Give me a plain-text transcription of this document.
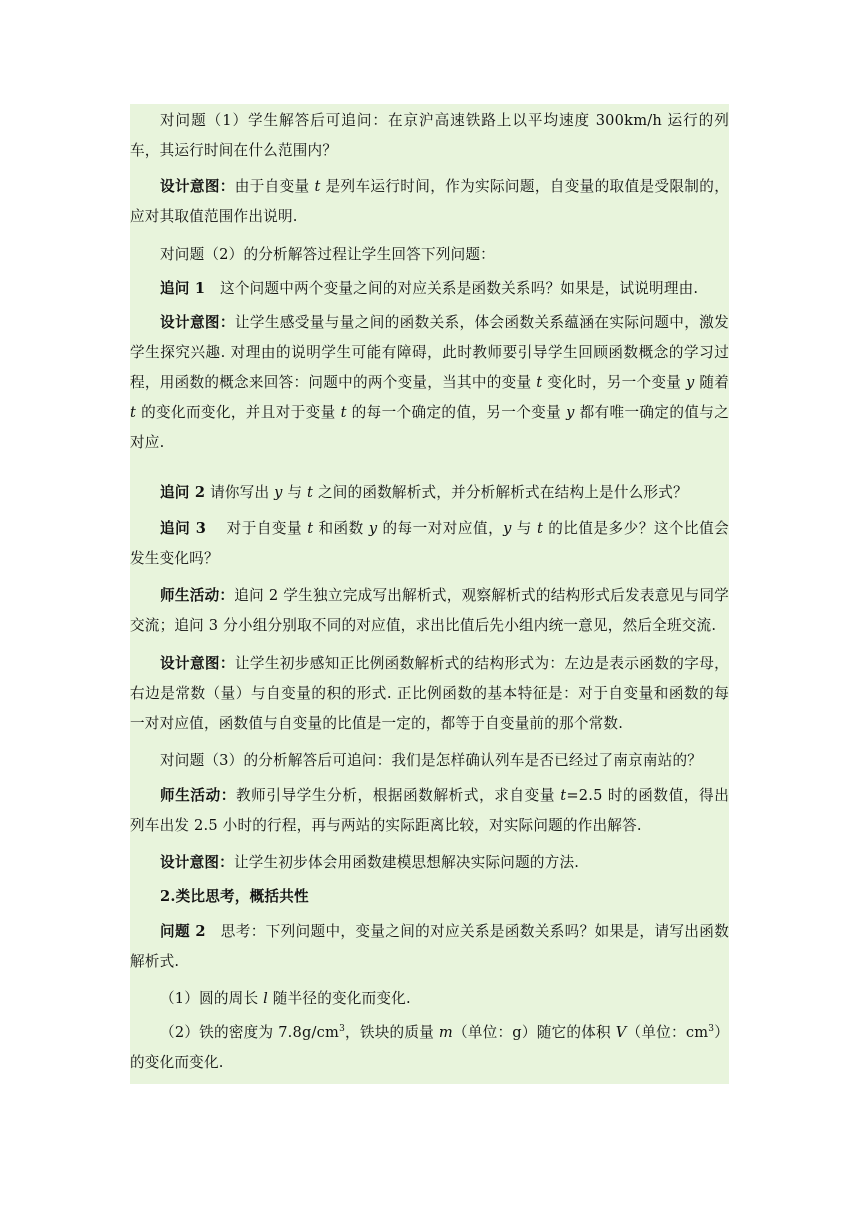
对问题（1）学生解答后可追问：在京沪高速铁路上以平均速度 300km/h 运行的列车，其运行时间在什么范围内？

设计意图：由于自变量 t 是列车运行时间，作为实际问题，自变量的取值是受限制的，应对其取值范围作出说明.

对问题（2）的分析解答过程让学生回答下列问题：

追问 1　这个问题中两个变量之间的对应关系是函数关系吗？如果是，试说明理由.

设计意图：让学生感受量与量之间的函数关系，体会函数关系蕴涵在实际问题中，激发学生探究兴趣. 对理由的说明学生可能有障碍，此时教师要引导学生回顾函数概念的学习过程，用函数的概念来回答：问题中的两个变量，当其中的变量 t 变化时，另一个变量 y 随着 t 的变化而变化，并且对于变量 t 的每一个确定的值，另一个变量 y 都有唯一确定的值与之对应.

追问 2 请你写出 y 与 t 之间的函数解析式，并分析解析式在结构上是什么形式？

追问 3　 对于自变量 t 和函数 y 的每一对对应值，y 与 t 的比值是多少？这个比值会发生变化吗？

师生活动：追问 2 学生独立完成写出解析式，观察解析式的结构形式后发表意见与同学交流；追问 3 分小组分别取不同的对应值，求出比值后先小组内统一意见，然后全班交流.

设计意图：让学生初步感知正比例函数解析式的结构形式为：左边是表示函数的字母，右边是常数（量）与自变量的积的形式. 正比例函数的基本特征是：对于自变量和函数的每一对对应值，函数值与自变量的比值是一定的，都等于自变量前的那个常数.

对问题（3）的分析解答后可追问：我们是怎样确认列车是否已经过了南京南站的？

师生活动：教师引导学生分析，根据函数解析式，求自变量 t=2.5 时的函数值，得出列车出发 2.5 小时的行程，再与两站的实际距离比较，对实际问题的作出解答.

设计意图：让学生初步体会用函数建模思想解决实际问题的方法.

2.类比思考，概括共性

问题 2　思考：下列问题中，变量之间的对应关系是函数关系吗？如果是，请写出函数解析式.

（1）圆的周长 l 随半径的变化而变化.

（2）铁的密度为 $7.8g/cm^3$，铁块的质量 m（单位：g）随它的体积 V（单位：$cm^3$）的变化而变化.
